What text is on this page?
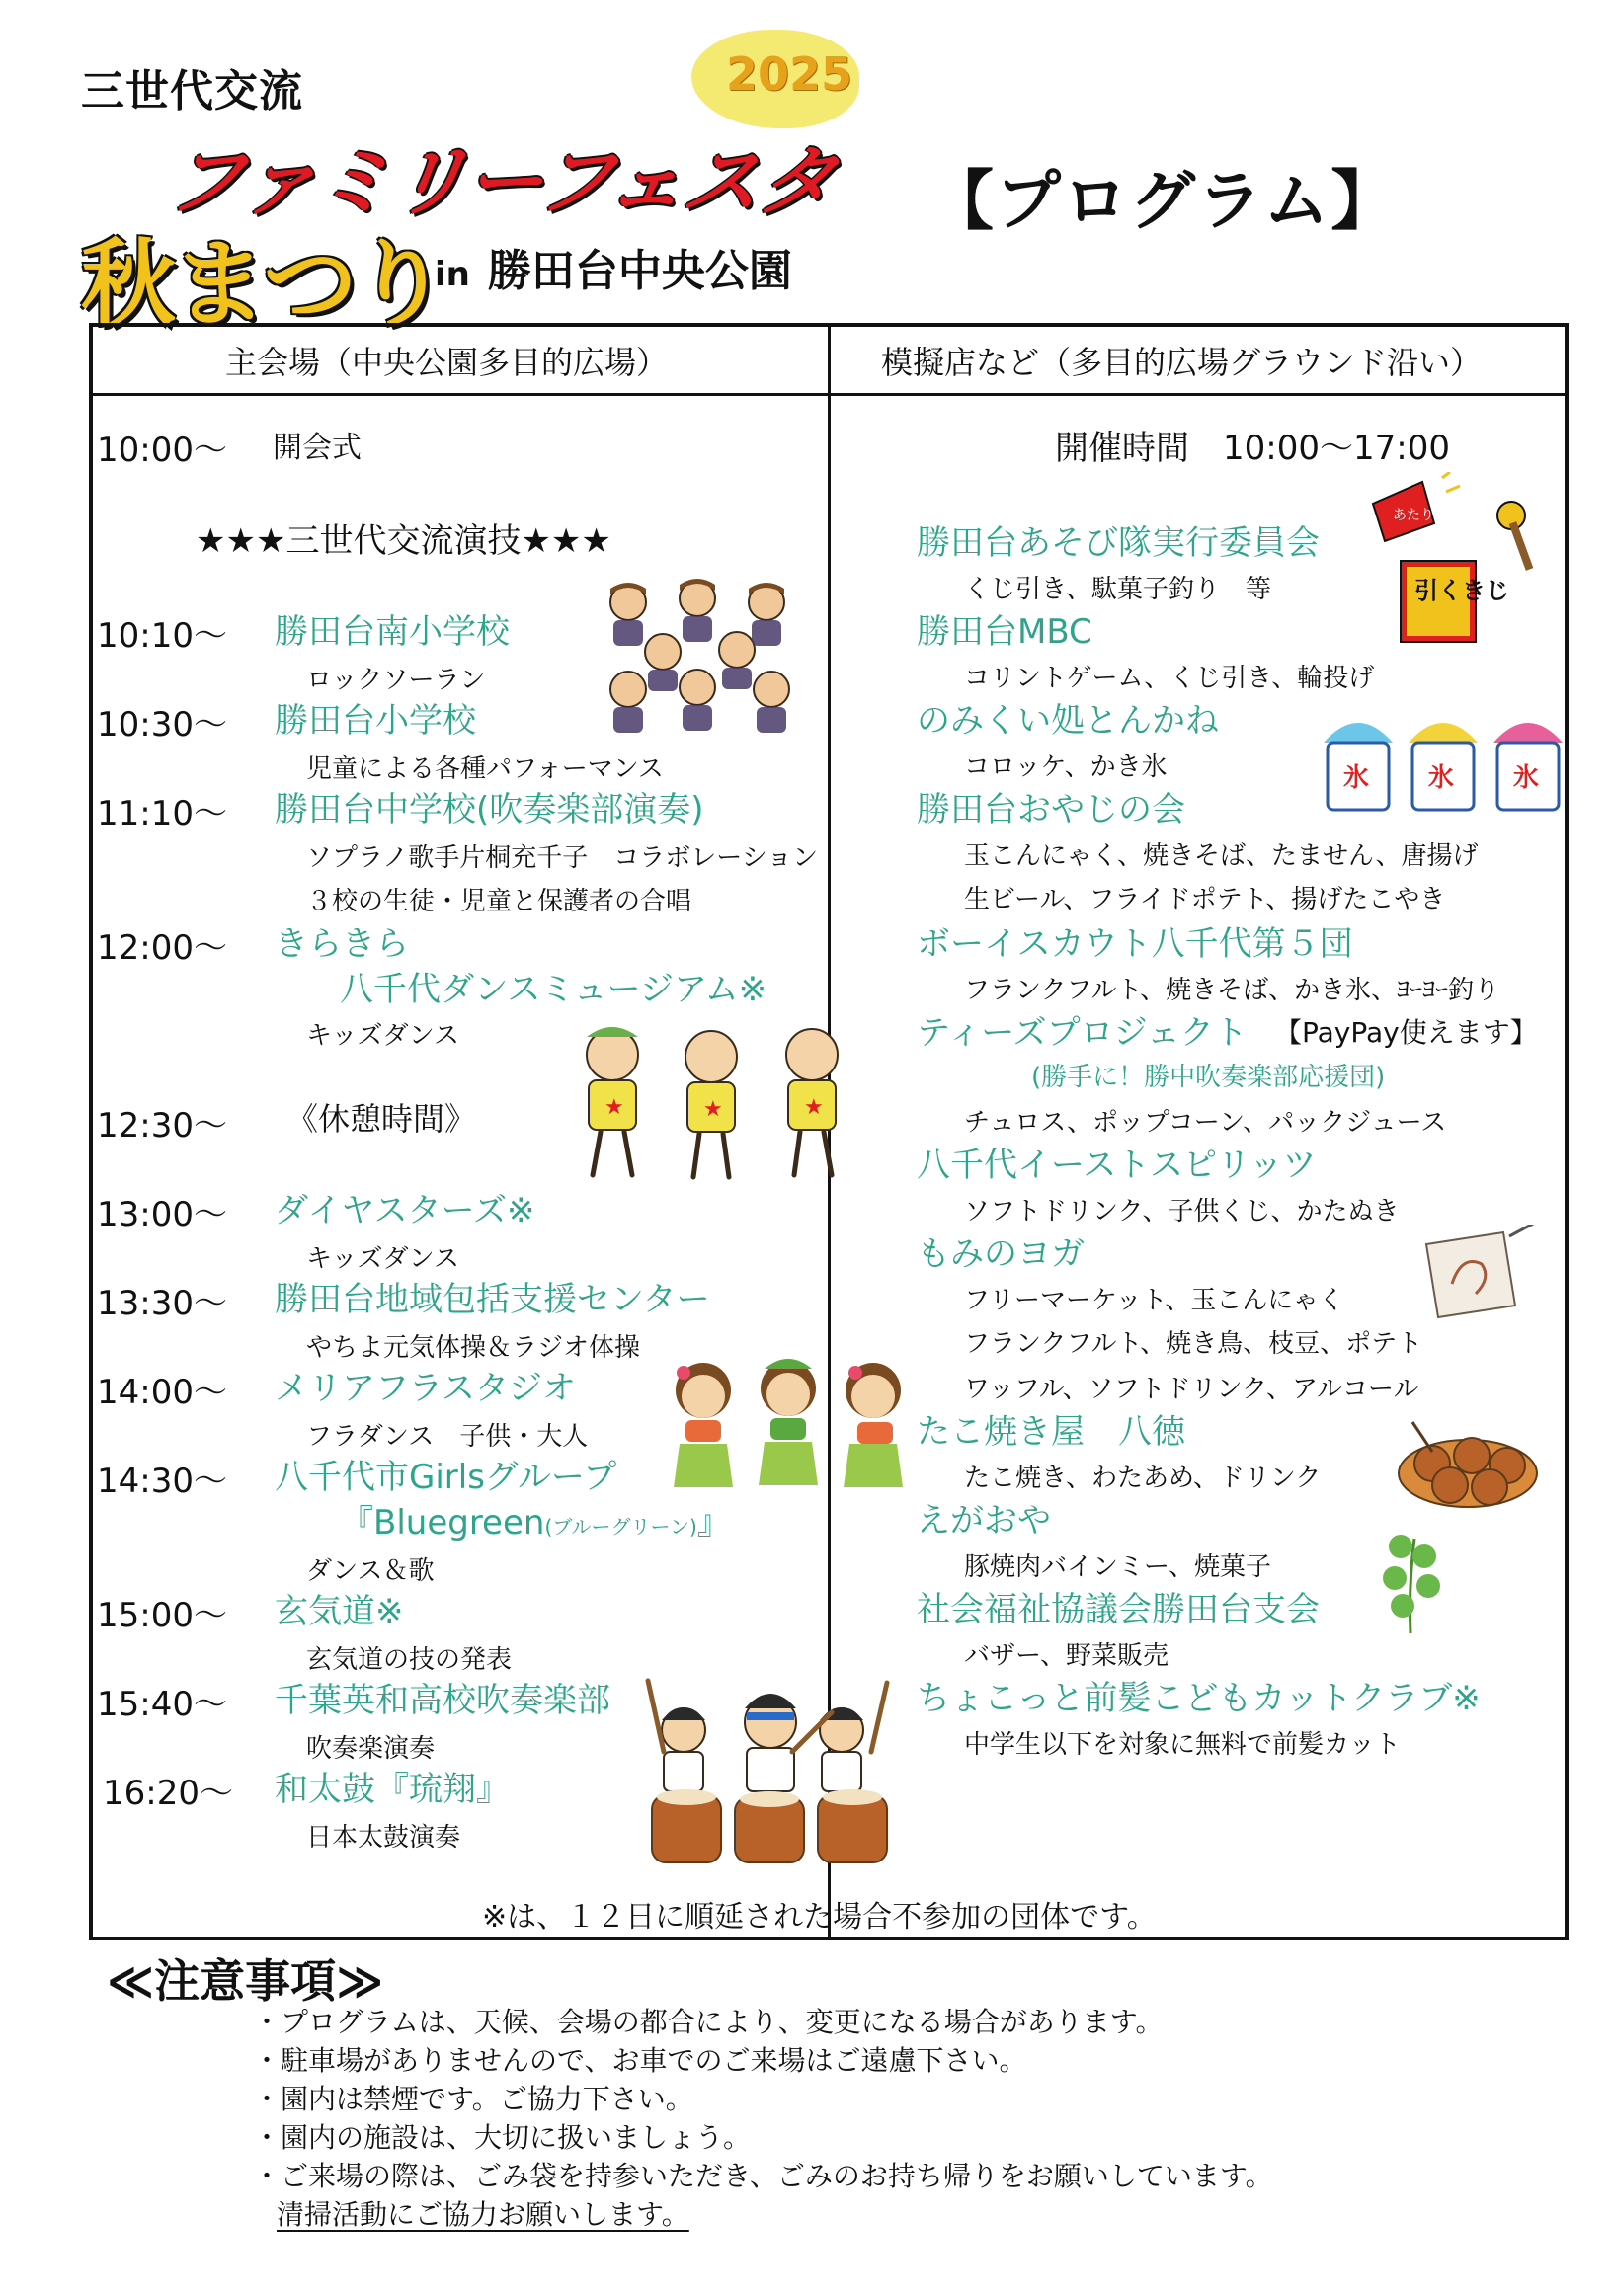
三世代交流	2025
ファミリーフェスタ
秋まつり
in 勝田台中央公園
【プログラム】
主会場（中央公園多目的広場）	模擬店など（多目的広場グラウンド沿い）
10:00～ 開会式
★★★三世代交流演技★★★
10:10～ 勝田台南小学校
ロックソーラン
10:30～ 勝田台小学校
児童による各種パフォーマンス
11:10～ 勝田台中学校(吹奏楽部演奏)
ソプラノ歌手片桐充千子　コラボレーション
３校の生徒・児童と保護者の合唱
12:00～ きらきら
八千代ダンスミュージアム※
キッズダンス
12:30～ 《休憩時間》
13:00～ ダイヤスターズ※
キッズダンス
13:30～ 勝田台地域包括支援センター
やちよ元気体操＆ラジオ体操
14:00～ メリアフラスタジオ
フラダンス　子供・大人
14:30～ 八千代市Girlsグループ
『Bluegreen(ブルーグリーン)』
ダンス＆歌
15:00～ 玄気道※
玄気道の技の発表
15:40～ 千葉英和高校吹奏楽部
吹奏楽演奏
16:20～ 和太鼓『琉翔』
日本太鼓演奏
開催時間　10:00～17:00
勝田台あそび隊実行委員会
くじ引き、駄菓子釣り　等
勝田台MBC
コリントゲーム、くじ引き、輪投げ
のみくい処とんかね
コロッケ、かき氷
勝田台おやじの会
玉こんにゃく、焼きそば、たません、唐揚げ
生ビール、フライドポテト、揚げたこやき
ボーイスカウト八千代第５団
フランクフルト、焼きそば、かき氷、ﾖｰﾖｰ釣り
ティーズプロジェクト 【PayPay使えます】
(勝手に！勝中吹奏楽部応援団)
チュロス、ポップコーン、パックジュース
八千代イーストスピリッツ
ソフトドリンク、子供くじ、かたぬき
もみのヨガ
フリーマーケット、玉こんにゃく
フランクフルト、焼き鳥、枝豆、ポテト
ワッフル、ソフトドリンク、アルコール
たこ焼き屋　八徳
たこ焼き、わたあめ、ドリンク
えがおや
豚焼肉バインミー、焼菓子
社会福祉協議会勝田台支会
バザー、野菜販売
ちょこっと前髪こどもカットクラブ※
中学生以下を対象に無料で前髪カット
※は、１２日に順延された場合不参加の団体です。
≪注意事項≫
・プログラムは、天候、会場の都合により、変更になる場合があります。
・駐車場がありませんので、お車でのご来場はご遠慮下さい。
・園内は禁煙です。ご協力下さい。
・園内の施設は、大切に扱いましょう。
・ご来場の際は、ごみ袋を持参いただき、ごみのお持ち帰りをお願いしています。
清掃活動にご協力お願いします。
あたり
引くきじ
氷 氷 氷
★	★	★
